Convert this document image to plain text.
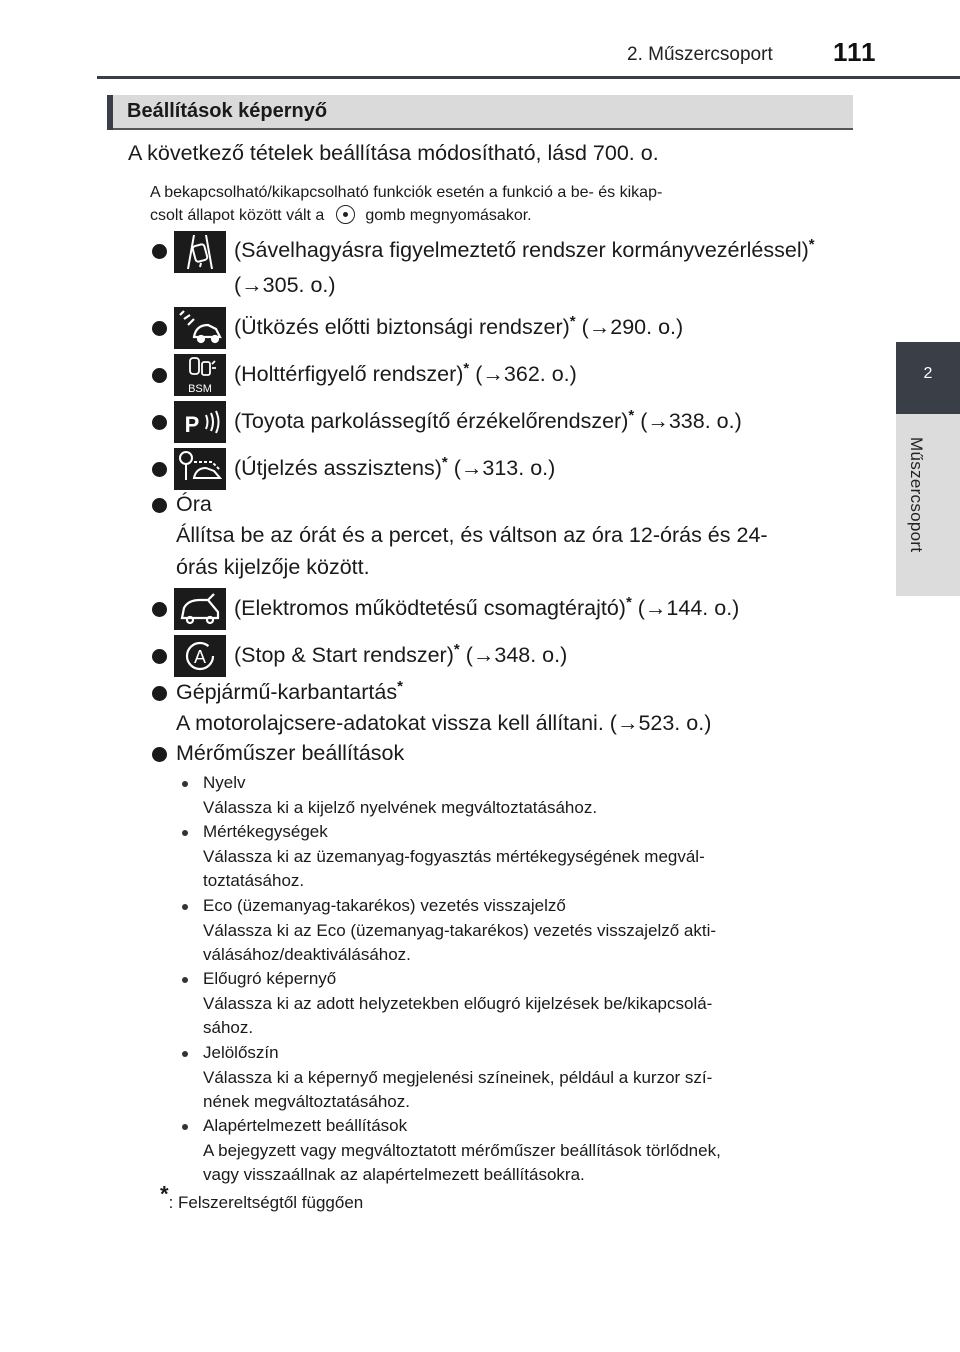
2. Műszercsoport 111
2
Műszercsoport
Beállítások képernyő
A következő tételek beállítása módosítható, lásd 700. o.
A bekapcsolható/kikapcsolható funkciók esetén a funkció a be- és kikap-
csolt állapot között vált a	gomb megnyomásakor.
(Sávelhagyásra figyelmeztető rendszer kormányvezérléssel)*
(→305. o.)
(Ütközés előtti biztonsági rendszer)* (→290. o.)
BSM
(Holttérfigyelő rendszer)* (→362. o.)
P (Toyota parkolássegítő érzékelőrendszer)* (→338. o.)
(Útjelzés asszisztens)* (→313. o.)
Óra
Állítsa be az órát és a percet, és váltson az óra 12-órás és 24-
órás kijelzője között.
(Elektromos működtetésű csomagtérajtó)* (→144. o.)
A (Stop & Start rendszer)* (→348. o.)
Gépjármű-karbantartás*
A motorolajcsere-adatokat vissza kell állítani. (→523. o.)
Mérőműszer beállítások
Nyelv
Válassza ki a kijelző nyelvének megváltoztatásához.
Mértékegységek
Válassza ki az üzemanyag-fogyasztás mértékegységének megvál-
toztatásához.
Eco (üzemanyag-takarékos) vezetés visszajelző
Válassza ki az Eco (üzemanyag-takarékos) vezetés visszajelző akti-
válásához/deaktiválásához.
Előugró képernyő
Válassza ki az adott helyzetekben előugró kijelzések be/kikapcsolá-
sához.
Jelölőszín
Válassza ki a képernyő megjelenési színeinek, például a kurzor szí-
nének megváltoztatásához.
Alapértelmezett beállítások
A bejegyzett vagy megváltoztatott mérőműszer beállítások törlődnek,
vagy visszaállnak az alapértelmezett beállításokra.
*: Felszereltségtől függően
